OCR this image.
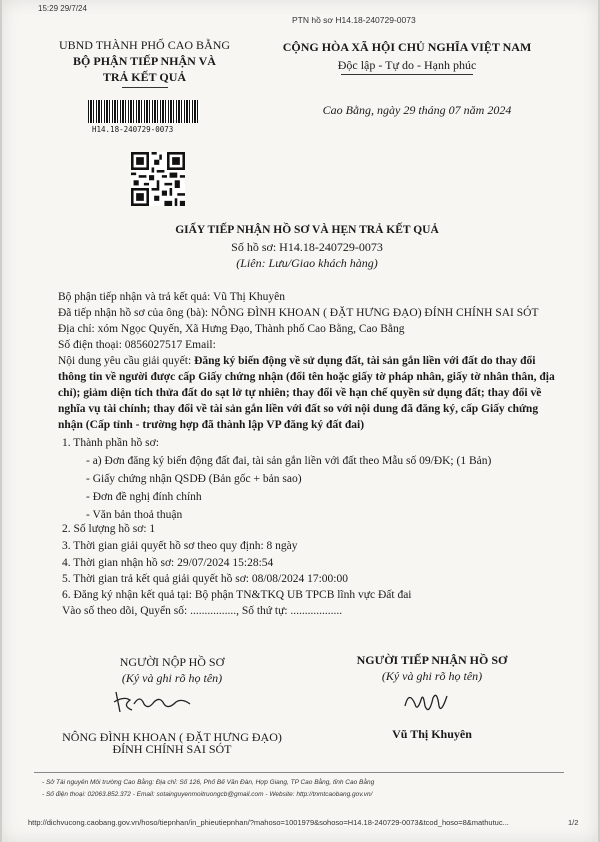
15:29 29/7/24
PTN hồ sơ H14.18-240729-0073
UBND THÀNH PHỐ CAO BẰNG
BỘ PHẬN TIẾP NHẬN VÀ
TRẢ KẾT QUẢ
H14.18-240729-0073
CỘNG HÒA XÃ HỘI CHỦ NGHĨA VIỆT NAM
Độc lập - Tự do - Hạnh phúc
Cao Bằng, ngày 29 tháng 07 năm 2024
GIẤY TIẾP NHẬN HỒ SƠ VÀ HẸN TRẢ KẾT QUẢ
Số hồ sơ: H14.18-240729-0073
(Liên: Lưu/Giao khách hàng)
Bộ phận tiếp nhận và trả kết quả: Vũ Thị Khuyên
Đã tiếp nhận hồ sơ của ông (bà): NÔNG ĐÌNH KHOAN ( ĐẶT HƯNG ĐẠO) ĐÍNH CHÍNH SAI SÓT
Địa chỉ: xóm Ngọc Quyến, Xã Hưng Đạo, Thành phố Cao Bằng, Cao Bằng
Số điện thoại: 0856027517 Email:
Nội dung yêu cầu giải quyết: Đăng ký biến động về sử dụng đất, tài sản gắn liền với đất do thay đổi
thông tin về người được cấp Giấy chứng nhận (đổi tên hoặc giấy tờ pháp nhân, giấy tờ nhân thân, địa
chỉ); giảm diện tích thửa đất do sạt lở tự nhiên; thay đổi về hạn chế quyền sử dụng đất; thay đổi về
nghĩa vụ tài chính; thay đổi về tài sản gắn liền với đất so với nội dung đã đăng ký, cấp Giấy chứng
nhận (Cấp tỉnh - trường hợp đã thành lập VP đăng ký đất đai)
1. Thành phần hồ sơ:
- a) Đơn đăng ký biến động đất đai, tài sản gắn liền với đất theo Mẫu số 09/ĐK; (1 Bản)
- Giấy chứng nhận QSDĐ (Bản gốc + bản sao)
- Đơn đề nghị đính chính
- Văn bản thoả thuận
2. Số lượng hồ sơ: 1
3. Thời gian giải quyết hồ sơ theo quy định: 8 ngày
4. Thời gian nhận hồ sơ: 29/07/2024 15:28:54
5. Thời gian trả kết quả giải quyết hồ sơ: 08/08/2024 17:00:00
6. Đăng ký nhận kết quả tại: Bộ phận TN&TKQ UB TPCB lĩnh vực Đất đai
Vào số theo dõi, Quyển số: ................, Số thứ tự: ..................
NGƯỜI NỘP HỒ SƠ
(Ký và ghi rõ họ tên)
NÔNG ĐÌNH KHOAN ( ĐẶT HƯNG ĐẠO)
ĐÍNH CHÍNH SAI SÓT
NGƯỜI TIẾP NHẬN HỒ SƠ
(Ký và ghi rõ họ tên)
Vũ Thị Khuyên
- Sở Tài nguyên Môi trường Cao Bằng: Địa chỉ: Số 126, Phố Bế Văn Đàn, Hợp Giang, TP Cao Bằng, tỉnh Cao Bằng
- Số điện thoại: 02063.852.372 - Email: sotainguyenmoitruongcb@gmail.com - Website: http://tnmtcaobang.gov.vn/
http://dichvucong.caobang.gov.vn/hoso/tiepnhan/in_phieutiepnhan/?mahoso=1001979&sohoso=H14.18-240729-0073&tcod_hoso=8&mathutuc...	1/2
